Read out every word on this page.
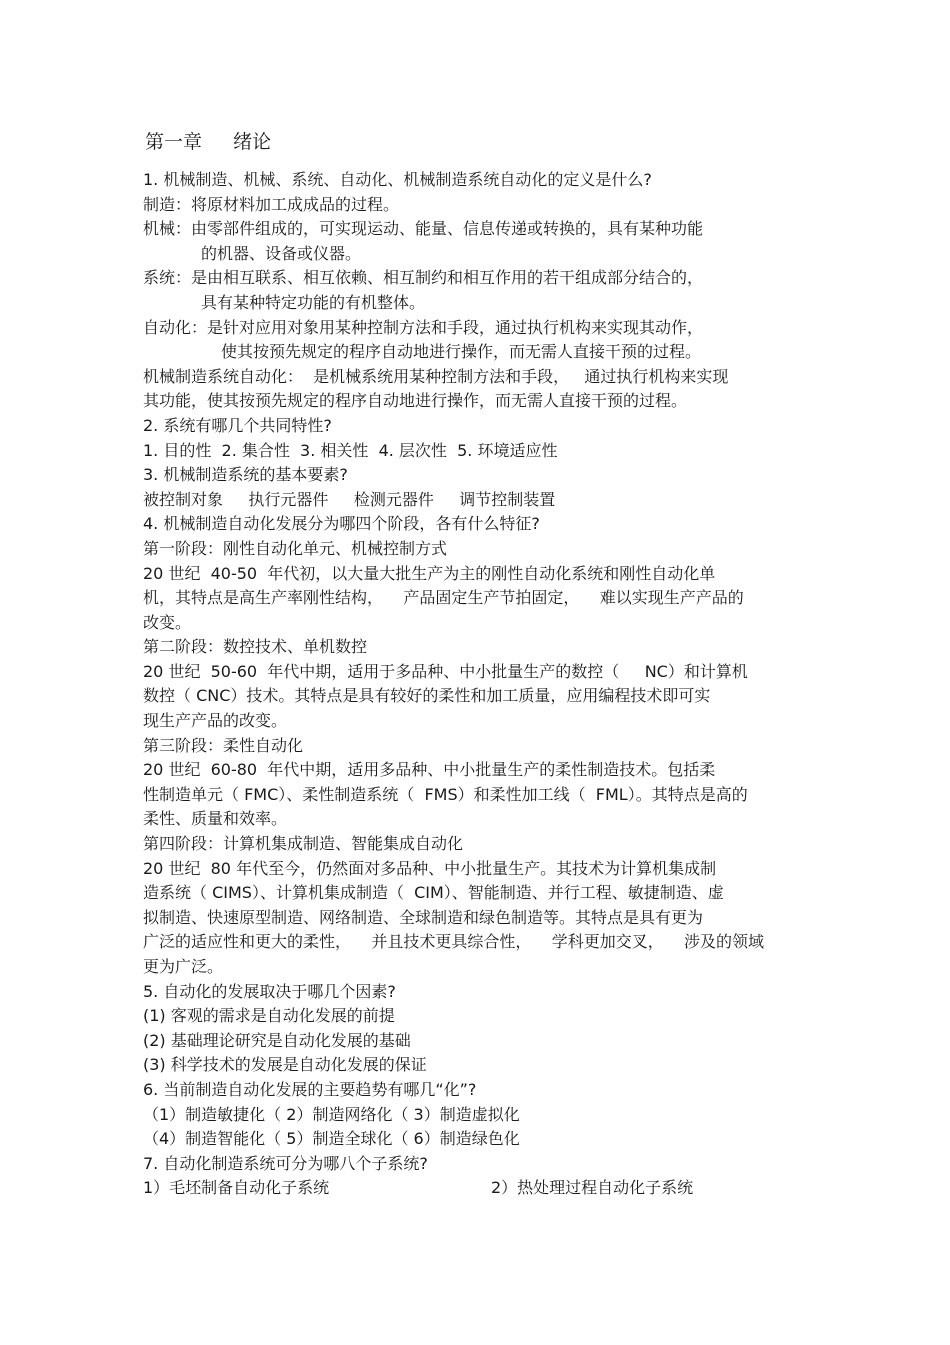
第一章 　 绪论
1. 机械制造、机械、系统、自动化、机械制造系统自动化的定义是什么?
制造：将原材料加工成成品的过程。
机械：由零部件组成的，可实现运动、能量、信息传递或转换的，具有某种功能
的机器、设备或仪器。
系统：是由相互联系、相互依赖、相互制约和相互作用的若干组成部分结合的，
具有某种特定功能的有机整体。
自动化：是针对应用对象用某种控制方法和手段，通过执行机构来实现其动作，
使其按预先规定的程序自动地进行操作，而无需人直接干预的过程。
机械制造系统自动化：  是机械系统用某种控制方法和手段，   通过执行机构来实现
其功能，使其按预先规定的程序自动地进行操作，而无需人直接干预的过程。
2. 系统有哪几个共同特性?
1. 目的性  2. 集合性  3. 相关性  4. 层次性  5. 环境适应性
3. 机械制造系统的基本要素?
被控制对象     执行元器件     检测元器件     调节控制装置
4. 机械制造自动化发展分为哪四个阶段，各有什么特征?
第一阶段：刚性自动化单元、机械控制方式
20 世纪  40-50  年代初，以大量大批生产为主的刚性自动化系统和刚性自动化单
机，其特点是高生产率刚性结构，    产品固定生产节拍固定，    难以实现生产产品的
改变。
第二阶段：数控技术、单机数控
20 世纪  50-60  年代中期，适用于多品种、中小批量生产的数控（     NC）和计算机
数控（ CNC）技术。其特点是具有较好的柔性和加工质量，应用编程技术即可实
现生产产品的改变。
第三阶段：柔性自动化
20 世纪  60-80  年代中期，适用多品种、中小批量生产的柔性制造技术。包括柔
性制造单元（ FMC）、柔性制造系统（  FMS）和柔性加工线（  FML）。其特点是高的
柔性、质量和效率。
第四阶段：计算机集成制造、智能集成自动化
20 世纪  80 年代至今，仍然面对多品种、中小批量生产。其技术为计算机集成制
造系统（ CIMS）、计算机集成制造（  CIM）、智能制造、并行工程、敏捷制造、虚
拟制造、快速原型制造、网络制造、全球制造和绿色制造等。其特点是具有更为
广泛的适应性和更大的柔性，    并且技术更具综合性，    学科更加交叉，    涉及的领域
更为广泛。
5. 自动化的发展取决于哪几个因素?
(1) 客观的需求是自动化发展的前提
(2) 基础理论研究是自动化发展的基础
(3) 科学技术的发展是自动化发展的保证
6. 当前制造自动化发展的主要趋势有哪几“化”?
（1）制造敏捷化（ 2）制造网络化（ 3）制造虚拟化
（4）制造智能化（ 5）制造全球化（ 6）制造绿色化
7. 自动化制造系统可分为哪八个子系统?
1）毛坯制备自动化子系统	2）热处理过程自动化子系统
